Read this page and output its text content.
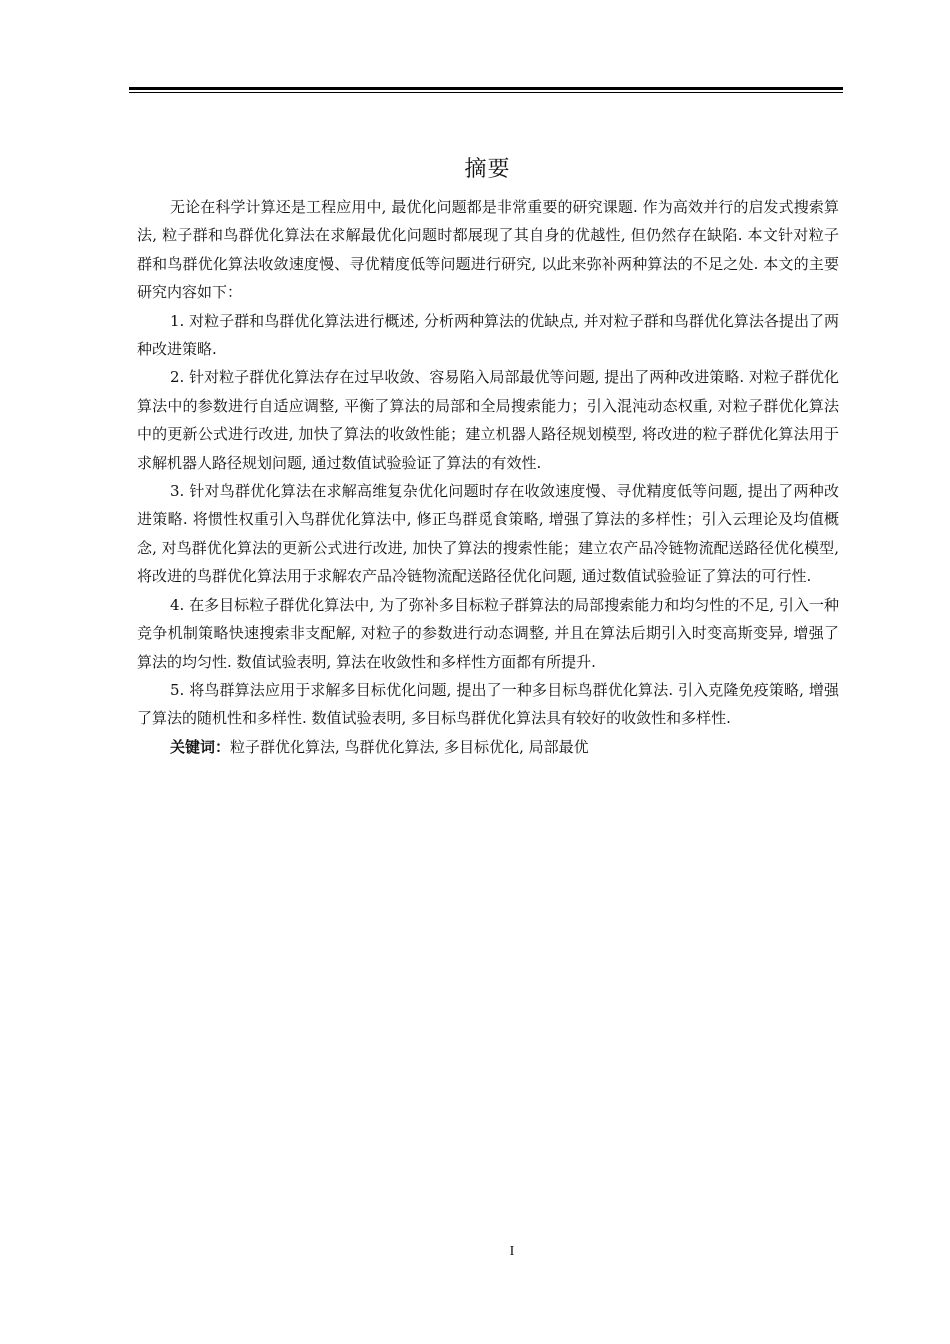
摘要

无论在科学计算还是工程应用中, 最优化问题都是非常重要的研究课题. 作为高效并行的启发式搜索算法, 粒子群和鸟群优化算法在求解最优化问题时都展现了其自身的优越性, 但仍然存在缺陷. 本文针对粒子群和鸟群优化算法收敛速度慢、寻优精度低等问题进行研究, 以此来弥补两种算法的不足之处. 本文的主要研究内容如下：

1. 对粒子群和鸟群优化算法进行概述, 分析两种算法的优缺点, 并对粒子群和鸟群优化算法各提出了两种改进策略.

2. 针对粒子群优化算法存在过早收敛、容易陷入局部最优等问题, 提出了两种改进策略. 对粒子群优化算法中的参数进行自适应调整, 平衡了算法的局部和全局搜索能力；引入混沌动态权重, 对粒子群优化算法中的更新公式进行改进, 加快了算法的收敛性能；建立机器人路径规划模型, 将改进的粒子群优化算法用于求解机器人路径规划问题, 通过数值试验验证了算法的有效性.

3. 针对鸟群优化算法在求解高维复杂优化问题时存在收敛速度慢、寻优精度低等问题, 提出了两种改进策略. 将惯性权重引入鸟群优化算法中, 修正鸟群觅食策略, 增强了算法的多样性；引入云理论及均值概念, 对鸟群优化算法的更新公式进行改进, 加快了算法的搜索性能；建立农产品冷链物流配送路径优化模型, 将改进的鸟群优化算法用于求解农产品冷链物流配送路径优化问题, 通过数值试验验证了算法的可行性.

4. 在多目标粒子群优化算法中, 为了弥补多目标粒子群算法的局部搜索能力和均匀性的不足, 引入一种竞争机制策略快速搜索非支配解, 对粒子的参数进行动态调整, 并且在算法后期引入时变高斯变异, 增强了算法的均匀性. 数值试验表明, 算法在收敛性和多样性方面都有所提升.

5. 将鸟群算法应用于求解多目标优化问题, 提出了一种多目标鸟群优化算法. 引入克隆免疫策略, 增强了算法的随机性和多样性. 数值试验表明, 多目标鸟群优化算法具有较好的收敛性和多样性.

关键词：粒子群优化算法, 鸟群优化算法, 多目标优化, 局部最优
I
